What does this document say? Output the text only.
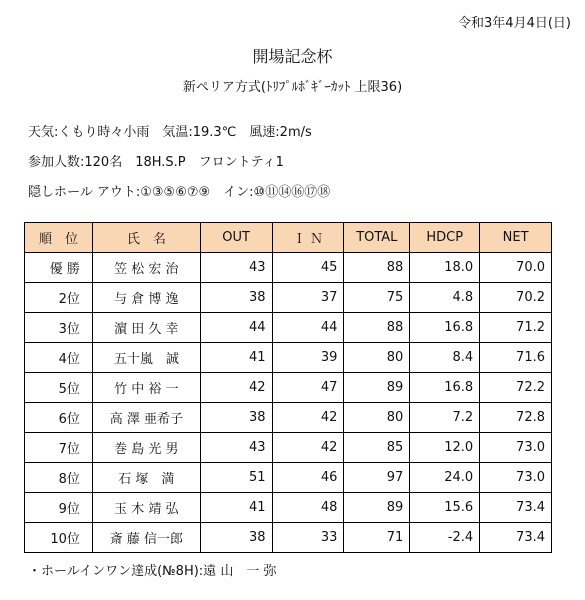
令和3年4月4日(日)
開場記念杯
新ペリア方式(ﾄﾘﾌﾟﾙﾎﾞｷﾞｰｶｯﾄ 上限36)
天気:くもり時々小雨　気温:19.3℃　風速:2m/s
参加人数:120名　18H.S.P　フロントティ1
隠しホール アウト:①③⑤⑥⑦⑨　イン:⑩⑪⑭⑯⑰⑱
順　位	氏　名	OUT	Ｉ Ｎ	TOTAL	HDCP	NET
優 勝	笠 松 宏 治	43	45	88	18.0	70.0
2位	与 倉 博 逸	38	37	75	4.8	70.2
3位	濵 田 久 幸	44	44	88	16.8	71.2
4位	五十嵐　誠	41	39	80	8.4	71.6
5位	竹 中 裕 一	42	47	89	16.8	72.2
6位	高 澤 亜希子	38	42	80	7.2	72.8
7位	巻 島 光 男	43	42	85	12.0	73.0
8位	石 塚　満	51	46	97	24.0	73.0
9位	玉 木 靖 弘	41	48	89	15.6	73.4
10位	斎 藤 信一郎	38	33	71	-2.4	73.4
・ホールインワン達成(№8H):遠 山　一 弥
